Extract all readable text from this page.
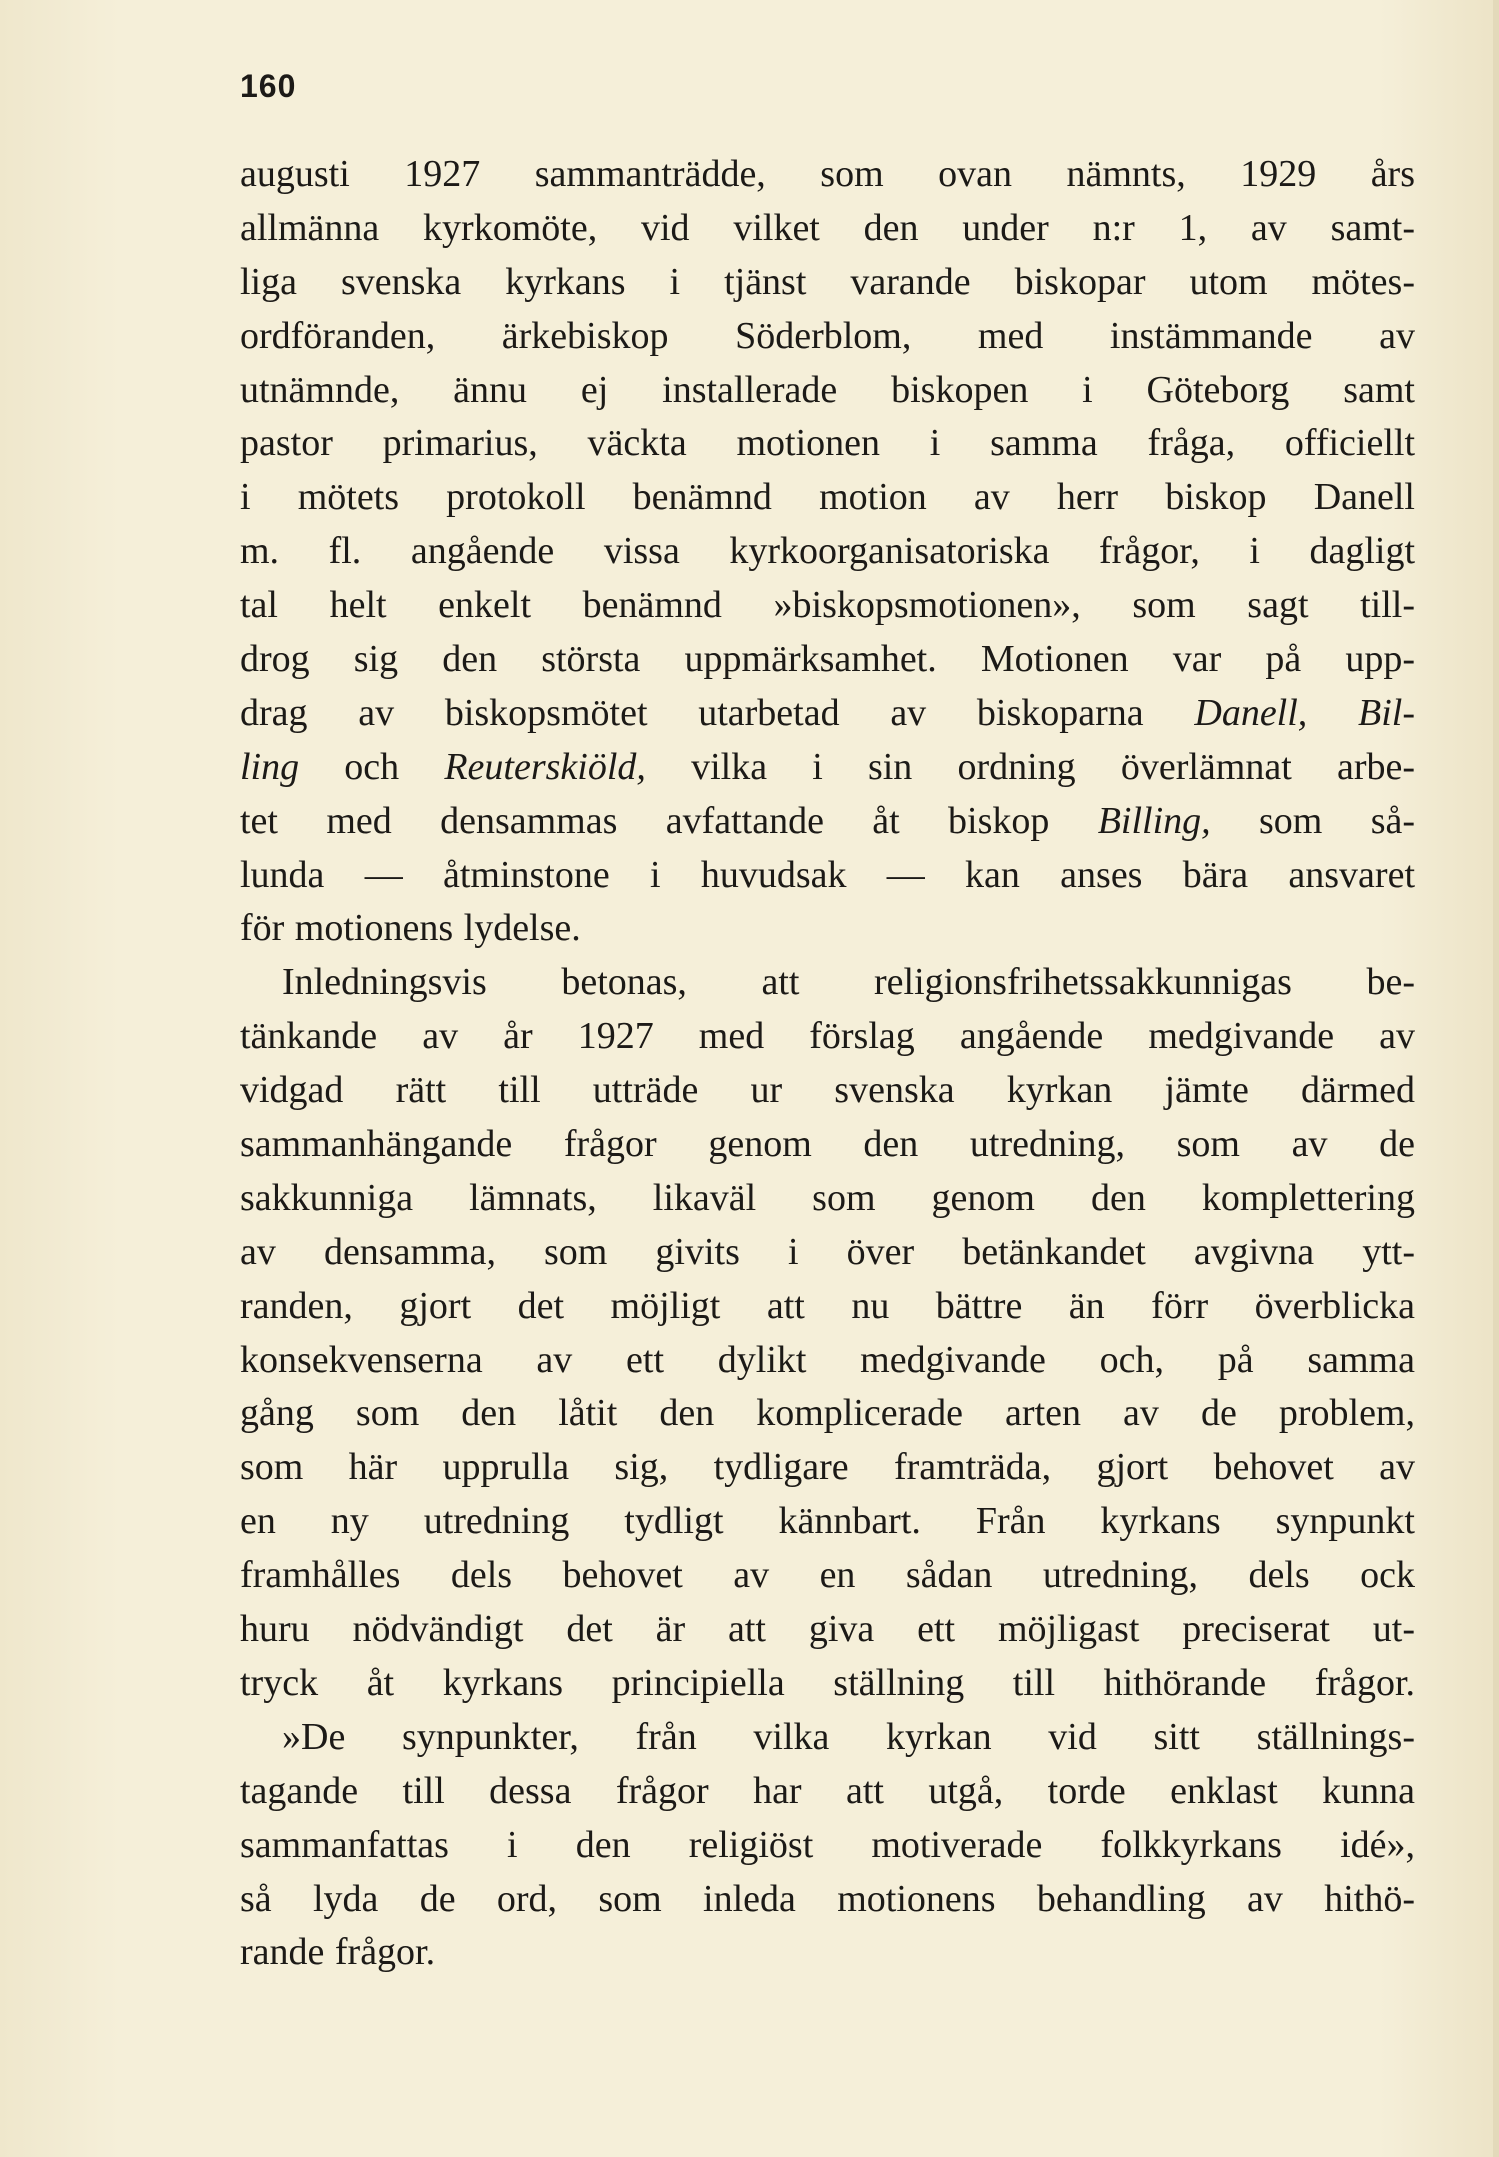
160
augusti 1927 sammanträdde, som ovan nämnts, 1929 års
allmänna kyrkomöte, vid vilket den under n:r 1, av samt-
liga svenska kyrkans i tjänst varande biskopar utom mötes-
ordföranden, ärkebiskop Söderblom, med instämmande av
utnämnde, ännu ej installerade biskopen i Göteborg samt
pastor primarius, väckta motionen i samma fråga, officiellt
i mötets protokoll benämnd motion av herr biskop Danell
m. fl. angående vissa kyrkoorganisatoriska frågor, i dagligt
tal helt enkelt benämnd »biskopsmotionen», som sagt till-
drog sig den största uppmärksamhet. Motionen var på upp-
drag av biskopsmötet utarbetad av biskoparna Danell, Bil-
ling och Reuterskiöld, vilka i sin ordning överlämnat arbe-
tet med densammas avfattande åt biskop Billing, som så-
lunda — åtminstone i huvudsak — kan anses bära ansvaret
för motionens lydelse.
Inledningsvis betonas, att religionsfrihetssakkunnigas be-
tänkande av år 1927 med förslag angående medgivande av
vidgad rätt till utträde ur svenska kyrkan jämte därmed
sammanhängande frågor genom den utredning, som av de
sakkunniga lämnats, likaväl som genom den komplettering
av densamma, som givits i över betänkandet avgivna ytt-
randen, gjort det möjligt att nu bättre än förr överblicka
konsekvenserna av ett dylikt medgivande och, på samma
gång som den låtit den komplicerade arten av de problem,
som här upprulla sig, tydligare framträda, gjort behovet av
en ny utredning tydligt kännbart. Från kyrkans synpunkt
framhålles dels behovet av en sådan utredning, dels ock
huru nödvändigt det är att giva ett möjligast preciserat ut-
tryck åt kyrkans principiella ställning till hithörande frågor.
»De synpunkter, från vilka kyrkan vid sitt ställnings-
tagande till dessa frågor har att utgå, torde enklast kunna
sammanfattas i den religiöst motiverade folkkyrkans idé»,
så lyda de ord, som inleda motionens behandling av hithö-
rande frågor.
